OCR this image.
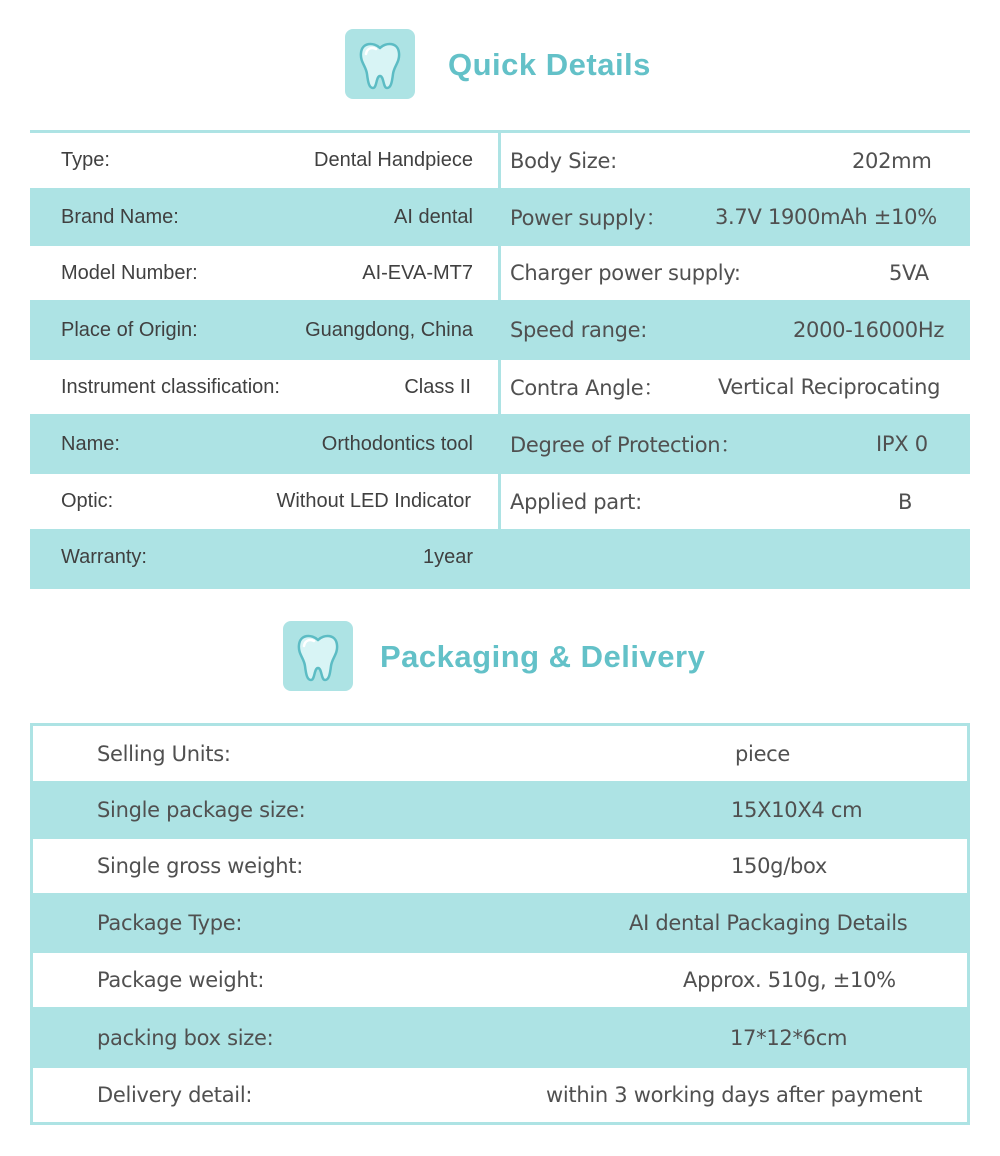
Quick Details
Type:	Dental Handpiece Body Size:	202mm
Brand Name:	AI dental Power supply： 3.7V 1900mAh ±10%
Model Number:	AI-EVA-MT7 Charger power supply:	5VA
Place of Origin:	Guangdong, China Speed range:	2000-16000Hz
Instrument classification:	Class II Contra Angle：	Vertical Reciprocating
Name:	Orthodontics tool Degree of Protection：	IPX 0
Optic:	Without LED Indicator Applied part:	B
Warranty:	1year
Packaging & Delivery
Selling Units:	piece
Single package size:	15X10X4 cm
Single gross weight:	150g/box
Package Type:	AI dental Packaging Details
Package weight:	Approx. 510g, ±10%
packing box size:	17*12*6cm
Delivery detail:	within 3 working days after payment
